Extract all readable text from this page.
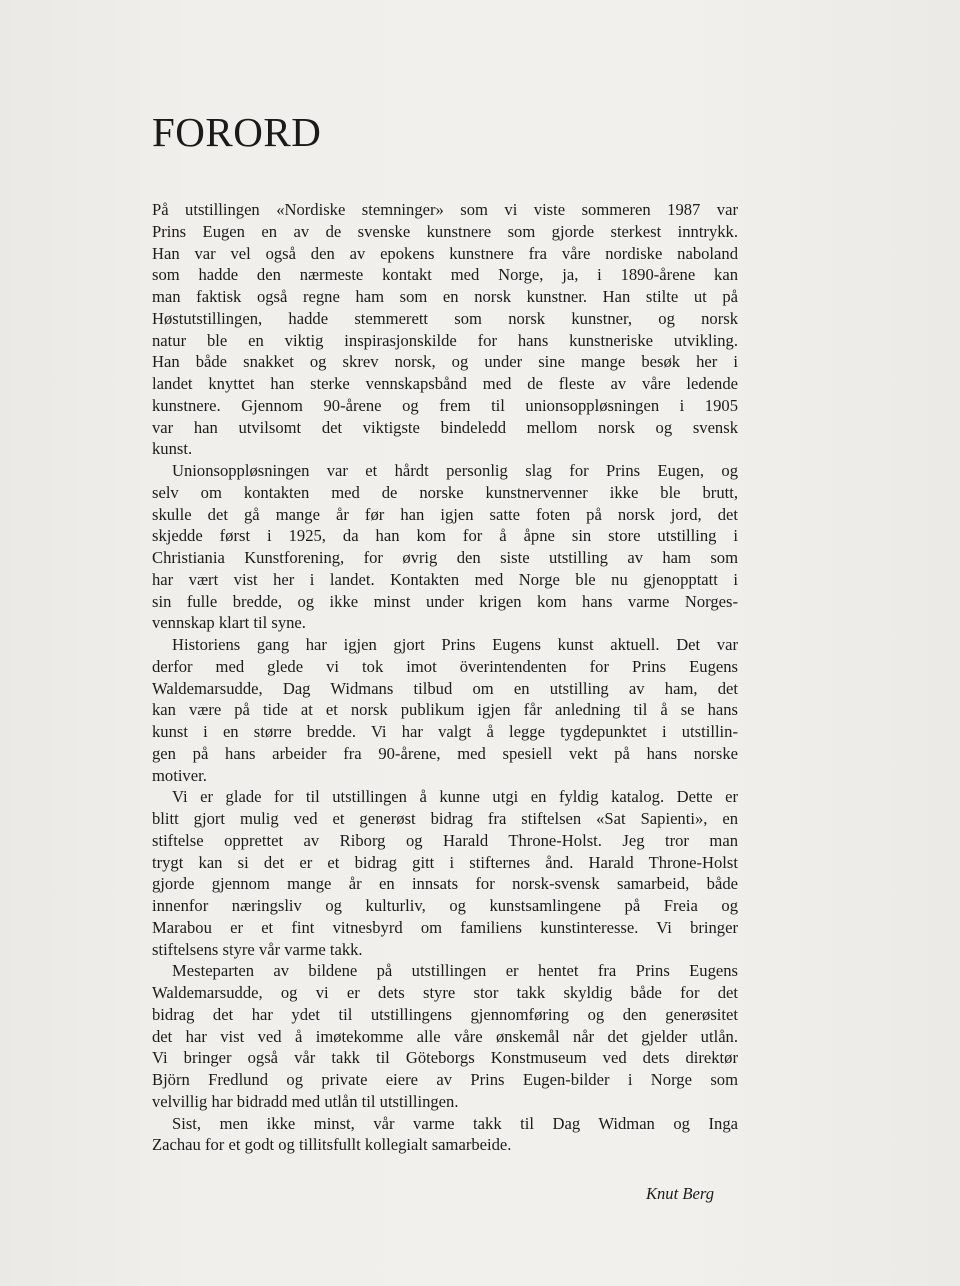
FORORD
På utstillingen «Nordiske stemninger» som vi viste sommeren 1987 var
Prins Eugen en av de svenske kunstnere som gjorde sterkest inntrykk.
Han var vel også den av epokens kunstnere fra våre nordiske naboland
som hadde den nærmeste kontakt med Norge, ja, i 1890-årene kan
man faktisk også regne ham som en norsk kunstner. Han stilte ut på
Høstutstillingen, hadde stemmerett som norsk kunstner, og norsk
natur ble en viktig inspirasjonskilde for hans kunstneriske utvikling.
Han både snakket og skrev norsk, og under sine mange besøk her i
landet knyttet han sterke vennskapsbånd med de fleste av våre ledende
kunstnere. Gjennom 90-årene og frem til unionsoppløsningen i 1905
var han utvilsomt det viktigste bindeledd mellom norsk og svensk
kunst.
Unionsoppløsningen var et hårdt personlig slag for Prins Eugen, og
selv om kontakten med de norske kunstnervenner ikke ble brutt,
skulle det gå mange år før han igjen satte foten på norsk jord, det
skjedde først i 1925, da han kom for å åpne sin store utstilling i
Christiania Kunstforening, for øvrig den siste utstilling av ham som
har vært vist her i landet. Kontakten med Norge ble nu gjenopptatt i
sin fulle bredde, og ikke minst under krigen kom hans varme Norges-
vennskap klart til syne.
Historiens gang har igjen gjort Prins Eugens kunst aktuell. Det var
derfor med glede vi tok imot överintendenten for Prins Eugens
Waldemarsudde, Dag Widmans tilbud om en utstilling av ham, det
kan være på tide at et norsk publikum igjen får anledning til å se hans
kunst i en større bredde. Vi har valgt å legge tygdepunktet i utstillin-
gen på hans arbeider fra 90-årene, med spesiell vekt på hans norske
motiver.
Vi er glade for til utstillingen å kunne utgi en fyldig katalog. Dette er
blitt gjort mulig ved et generøst bidrag fra stiftelsen «Sat Sapienti», en
stiftelse opprettet av Riborg og Harald Throne-Holst. Jeg tror man
trygt kan si det er et bidrag gitt i stifternes ånd. Harald Throne-Holst
gjorde gjennom mange år en innsats for norsk-svensk samarbeid, både
innenfor næringsliv og kulturliv, og kunstsamlingene på Freia og
Marabou er et fint vitnesbyrd om familiens kunstinteresse. Vi bringer
stiftelsens styre vår varme takk.
Mesteparten av bildene på utstillingen er hentet fra Prins Eugens
Waldemarsudde, og vi er dets styre stor takk skyldig både for det
bidrag det har ydet til utstillingens gjennomføring og den generøsitet
det har vist ved å imøtekomme alle våre ønskemål når det gjelder utlån.
Vi bringer også vår takk til Göteborgs Konstmuseum ved dets direktør
Björn Fredlund og private eiere av Prins Eugen-bilder i Norge som
velvillig har bidradd med utlån til utstillingen.
Sist, men ikke minst, vår varme takk til Dag Widman og Inga
Zachau for et godt og tillitsfullt kollegialt samarbeide.
Knut Berg
